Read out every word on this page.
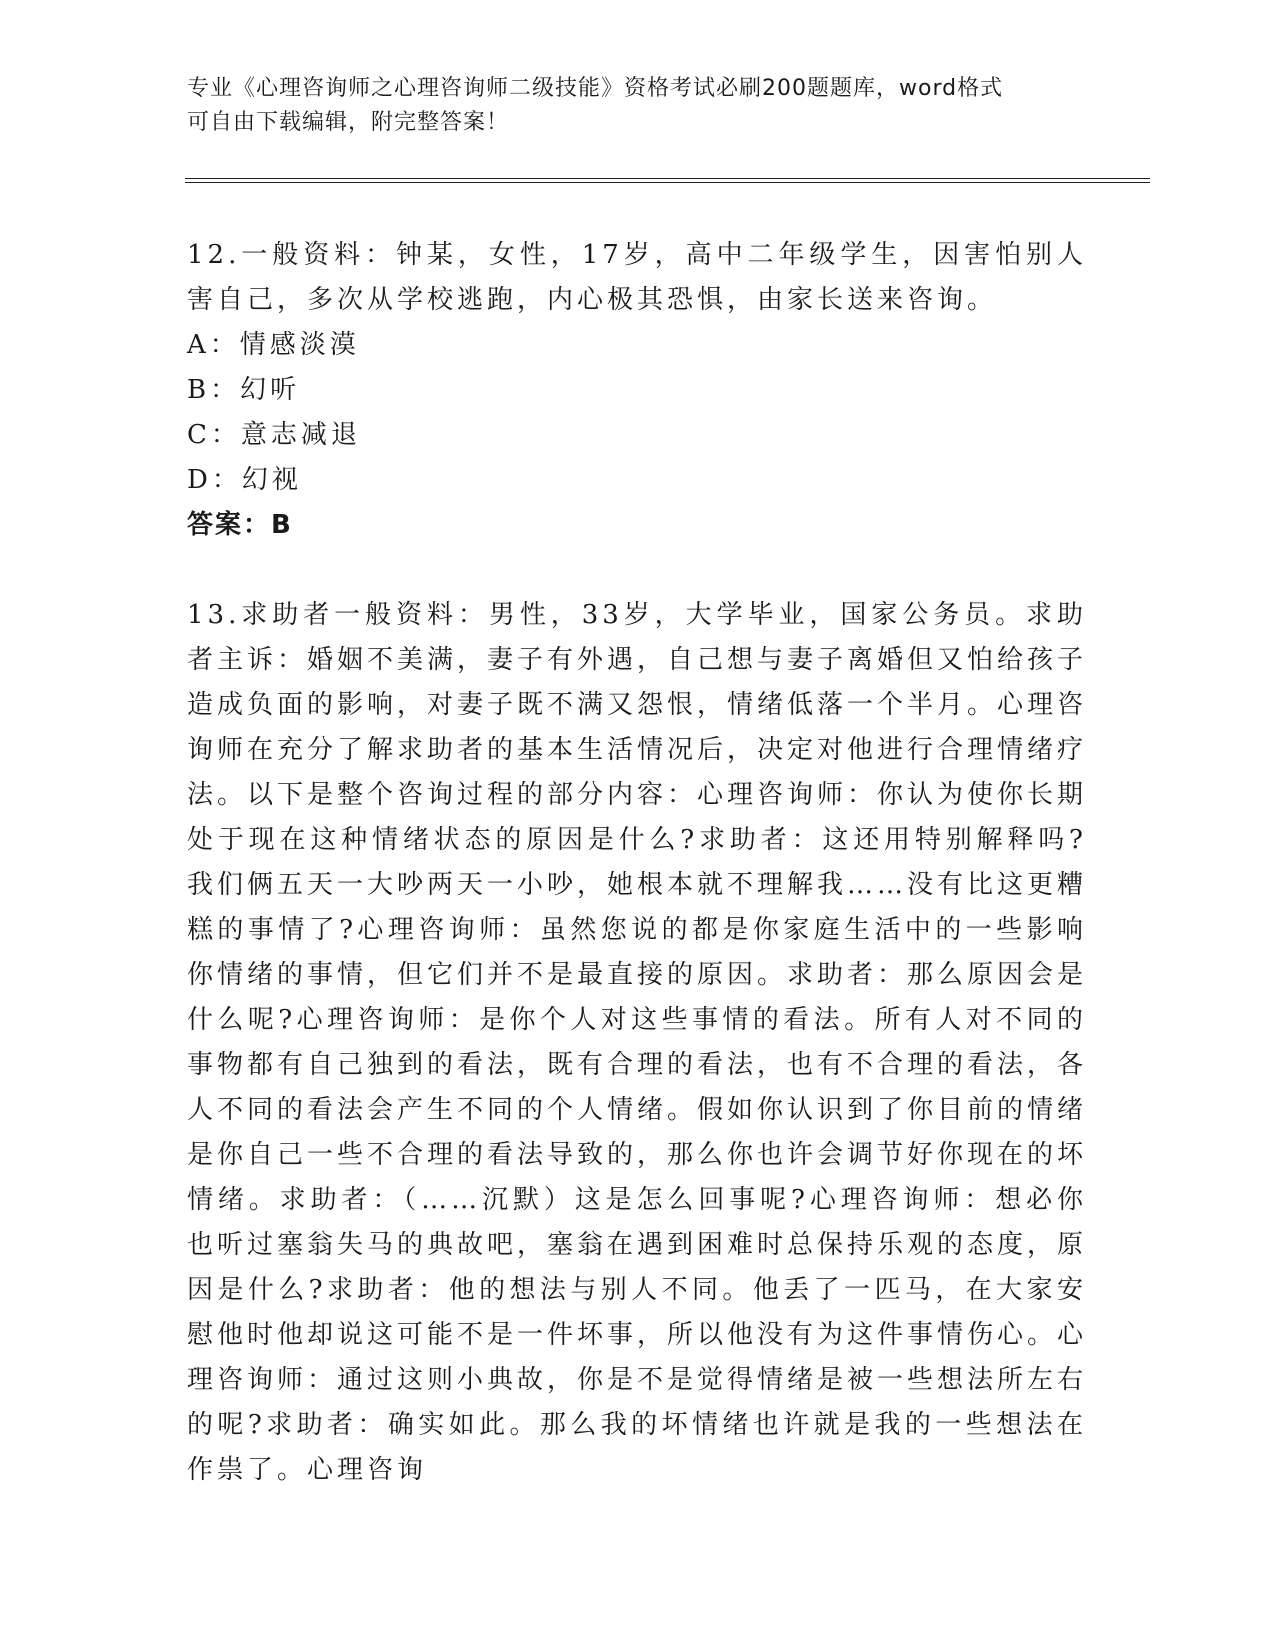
专业《心理咨询师之心理咨询师二级技能》资格考试必刷200题题库，word格式
可自由下载编辑，附完整答案！

12.一般资料：钟某，女性，17岁，高中二年级学生，因害怕别人害自己，多次从学校逃跑，内心极其恐惧，由家长送来咨询。

A：情感淡漠

B：幻听

C：意志减退

D：幻视

答案：B

13.求助者一般资料：男性，33岁，大学毕业，国家公务员。求助者主诉：婚姻不美满，妻子有外遇，自己想与妻子离婚但又怕给孩子造成负面的影响，对妻子既不满又怨恨，情绪低落一个半月。心理咨询师在充分了解求助者的基本生活情况后，决定对他进行合理情绪疗法。以下是整个咨询过程的部分内容：心理咨询师：你认为使你长期处于现在这种情绪状态的原因是什么?求助者：这还用特别解释吗?我们俩五天一大吵两天一小吵，她根本就不理解我……没有比这更糟糕的事情了?心理咨询师：虽然您说的都是你家庭生活中的一些影响你情绪的事情，但它们并不是最直接的原因。求助者：那么原因会是什么呢?心理咨询师：是你个人对这些事情的看法。所有人对不同的事物都有自己独到的看法，既有合理的看法，也有不合理的看法，各人不同的看法会产生不同的个人情绪。假如你认识到了你目前的情绪是你自己一些不合理的看法导致的，那么你也许会调节好你现在的坏情绪。求助者：（……沉默）这是怎么回事呢?心理咨询师：想必你也听过塞翁失马的典故吧，塞翁在遇到困难时总保持乐观的态度，原因是什么?求助者：他的想法与别人不同。他丢了一匹马，在大家安慰他时他却说这可能不是一件坏事，所以他没有为这件事情伤心。心理咨询师：通过这则小典故，你是不是觉得情绪是被一些想法所左右的呢?求助者：确实如此。那么我的坏情绪也许就是我的一些想法在作祟了。心理咨询
